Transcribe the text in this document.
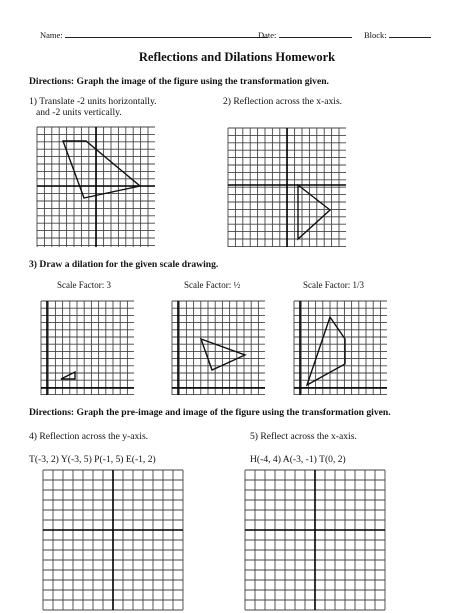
Name:	Date:	Block:
Reflections and Dilations Homework
Directions: Graph the image of the figure using the transformation given.
1) Translate -2 units horizontally.
and -2 units vertically.
2) Reflection across the x-axis.
3) Draw a dilation for the given scale drawing.
Scale Factor: 3	Scale Factor: ½	Scale Factor: 1/3
Directions: Graph the pre-image and image of the figure using the transformation given.
4) Reflection across the y-axis.	5) Reflect across the x-axis.
T(-3, 2) Y(-3, 5) P(-1, 5) E(-1, 2)	H(-4, 4) A(-3, -1) T(0, 2)
